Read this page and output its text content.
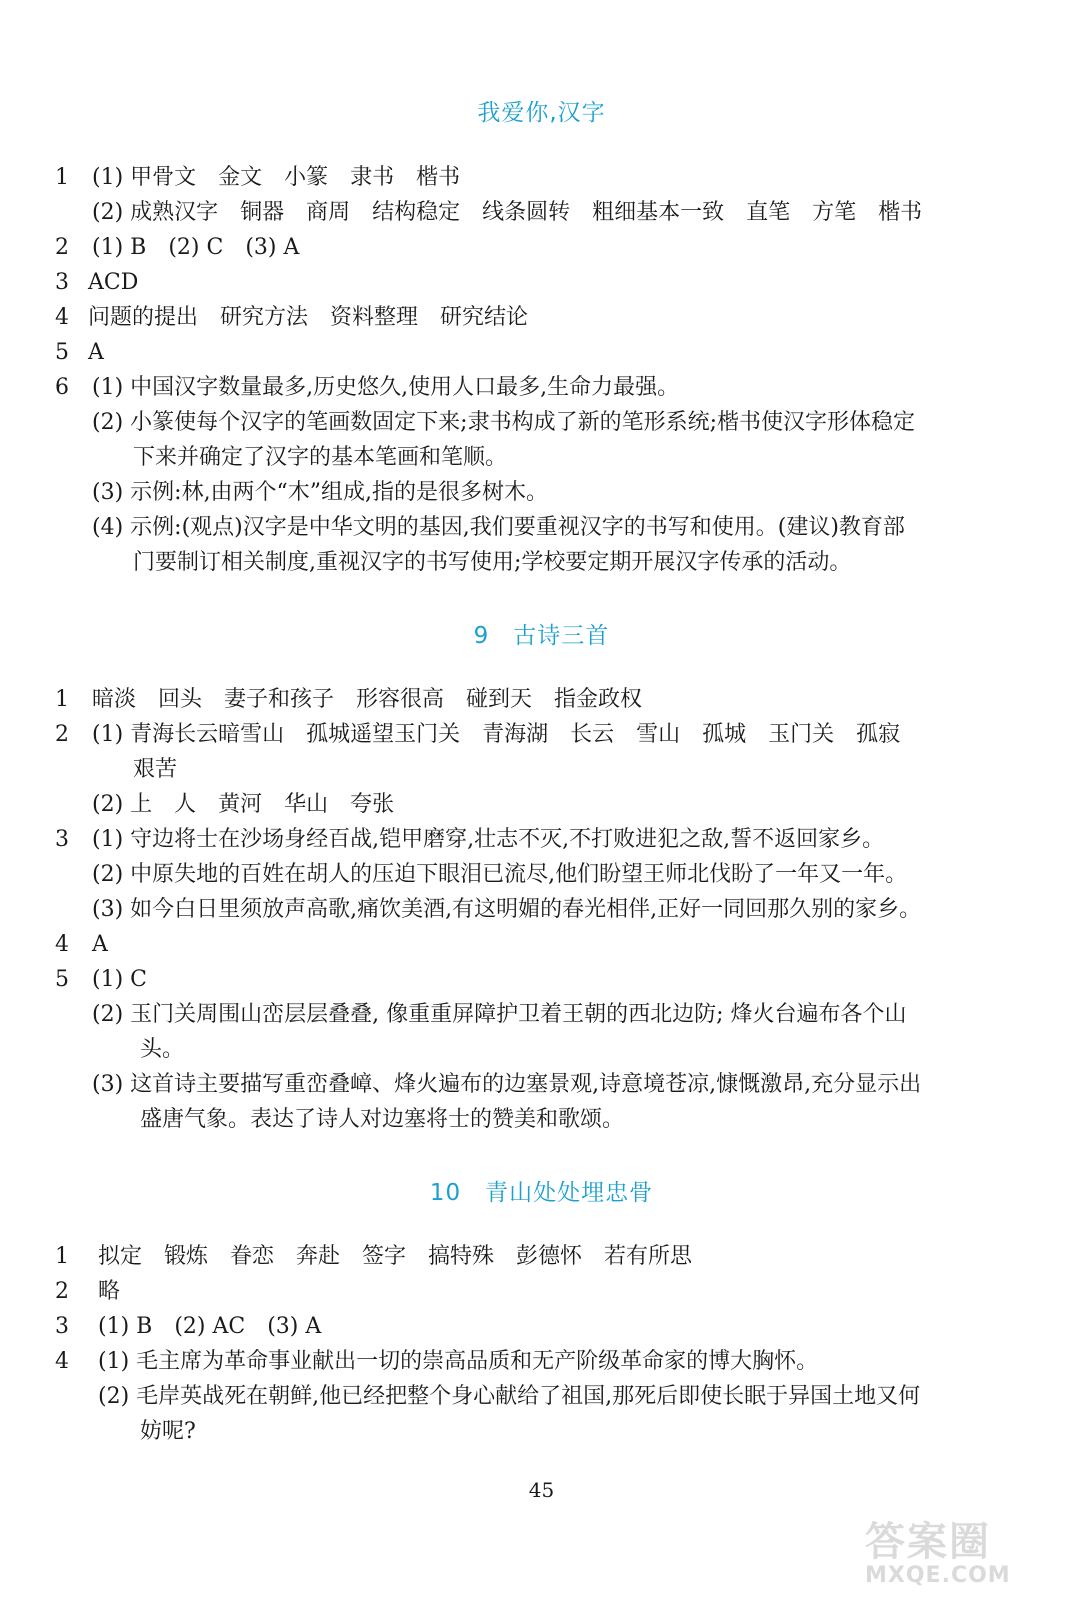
我爱你,汉字
1 (1) 甲骨文　金文　小篆　隶书　楷书
(2) 成熟汉字　铜器　商周　结构稳定　线条圆转　粗细基本一致　直笔　方笔　楷书
2 (1) B　(2) C　(3) A
3 ACD
4 问题的提出　研究方法　资料整理　研究结论
5 A
6 (1) 中国汉字数量最多,历史悠久,使用人口最多,生命力最强。
(2) 小篆使每个汉字的笔画数固定下来;隶书构成了新的笔形系统;楷书使汉字形体稳定
下来并确定了汉字的基本笔画和笔顺。
(3) 示例:林,由两个“木”组成,指的是很多树木。
(4) 示例:(观点)汉字是中华文明的基因,我们要重视汉字的书写和使用。(建议)教育部
门要制订相关制度,重视汉字的书写使用;学校要定期开展汉字传承的活动。
9　古诗三首
1 暗淡　回头　妻子和孩子　形容很高　碰到天　指金政权
2 (1) 青海长云暗雪山　孤城遥望玉门关　青海湖　长云　雪山　孤城　玉门关　孤寂
艰苦
(2) 上　人　黄河　华山　夸张
3 (1) 守边将士在沙场身经百战,铠甲磨穿,壮志不灭,不打败进犯之敌,誓不返回家乡。
(2) 中原失地的百姓在胡人的压迫下眼泪已流尽,他们盼望王师北伐盼了一年又一年。
(3) 如今白日里须放声高歌,痛饮美酒,有这明媚的春光相伴,正好一同回那久别的家乡。
4 A
5 (1) C
(2) 玉门关周围山峦层层叠叠, 像重重屏障护卫着王朝的西北边防; 烽火台遍布各个山
头。
(3) 这首诗主要描写重峦叠嶂、烽火遍布的边塞景观,诗意境苍凉,慷慨激昂,充分显示出
盛唐气象。表达了诗人对边塞将士的赞美和歌颂。
10　青山处处埋忠骨
1 拟定　锻炼　眷恋　奔赴　签字　搞特殊　彭德怀　若有所思
2 略
3 (1) B　(2) AC　(3) A
4 (1) 毛主席为革命事业献出一切的崇高品质和无产阶级革命家的博大胸怀。
(2) 毛岸英战死在朝鲜,他已经把整个身心献给了祖国,那死后即使长眠于异国土地又何
妨呢?
45
答案圈
MXQE.COM
